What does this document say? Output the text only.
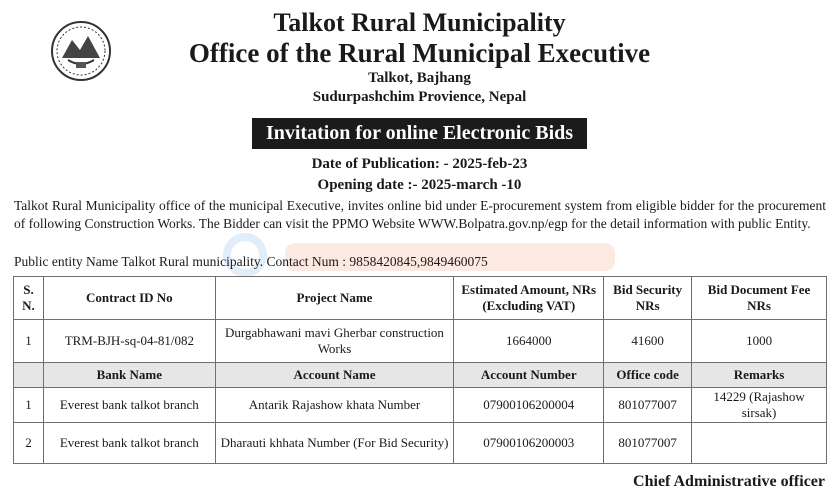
Talkot Rural Municipality
Office of the Rural Municipal Executive
Talkot, Bajhang
Sudurpashchim Provience, Nepal
Invitation for online Electronic Bids
Date of Publication: - 2025-feb-23
Opening date :- 2025-march -10
Talkot Rural Municipality office of the municipal Executive, invites online bid under E-procurement system from eligible bidder for the procurement of following Construction Works. The Bidder can visit the PPMO Website WWW.Bolpatra.gov.np/egp for the detail information with public Entity.
Public entity Name Talkot Rural municipality. Contact Num : 9858420845,9849460075
S. N.	Contract ID No	Project Name	Estimated Amount, NRs (Excluding VAT)	Bid Security NRs	Bid Document Fee NRs
1	TRM-BJH-sq-04-81/082	Durgabhawani mavi Gherbar construction Works	1664000	41600	1000
	Bank Name	Account Name	Account Number	Office code	Remarks
1	Everest bank talkot branch	Antarik Rajashow khata Number	07900106200004	801077007	14229 (Rajashow sirsak)
2	Everest bank talkot branch	Dharauti khhata Number (For Bid Security)	07900106200003	801077007	
Chief Administrative officer
